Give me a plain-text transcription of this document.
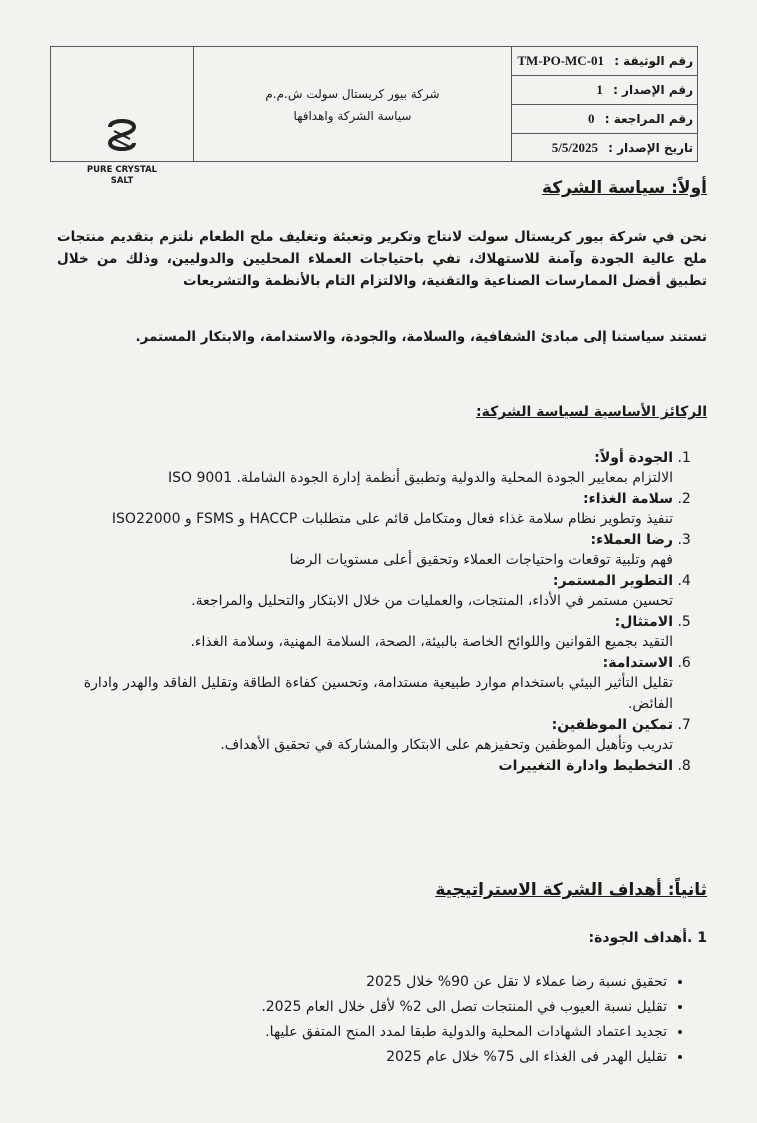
PURE CRYSTAL
SALT
شركة بيور كريستال سولت ش.م.م
سياسة الشركة واهدافها
رقم الوثيقة : TM-PO-MC-01
رقم الإصدار : 1
رقم المراجعة : 0
تاريخ الإصدار : 5/5/2025
أولاً: سياسة الشركة
نحن في شركة بيور كريستال سولت لانتاج وتكرير وتعبئة وتغليف ملح الطعام نلتزم بتقديم منتجات ملح عالية الجودة وآمنة للاستهلاك، تفي باحتياجات العملاء المحليين والدوليين، وذلك من خلال تطبيق أفضل الممارسات الصناعية والتقنية، والالتزام التام بالأنظمة والتشريعات
تستند سياستنا إلى مبادئ الشفافية، والسلامة، والجودة، والاستدامة، والابتكار المستمر.
الركائز الأساسية لسياسة الشركة:
1. الجودة أولاً:
الالتزام بمعايير الجودة المحلية والدولية وتطبيق أنظمة إدارة الجودة الشاملة. ISO 9001
2. سلامة الغذاء:
تنفيذ وتطوير نظام سلامة غذاء فعال ومتكامل قائم على متطلبات HACCP و FSMS و ISO22000
3. رضا العملاء:
فهم وتلبية توقعات واحتياجات العملاء وتحقيق أعلى مستويات الرضا
4. التطوير المستمر:
تحسين مستمر في الأداء، المنتجات، والعمليات من خلال الابتكار والتحليل والمراجعة.
5. الامتثال:
التقيد بجميع القوانين واللوائح الخاصة بالبيئة، الصحة، السلامة المهنية، وسلامة الغذاء.
6. الاستدامة:
تقليل التأثير البيئي باستخدام موارد طبيعية مستدامة، وتحسين كفاءة الطاقة وتقليل الفاقد والهدر وادارة الفائض.
7. تمكين الموظفين:
تدريب وتأهيل الموظفين وتحفيزهم على الابتكار والمشاركة في تحقيق الأهداف.
8. التخطيط وادارة التغييرات
ثانياً: أهداف الشركة الاستراتيجية
1 .أهداف الجودة:
• تحقيق نسبة رضا عملاء لا تقل عن 90% خلال 2025
• تقليل نسبة العيوب في المنتجات تصل الى 2% لأقل خلال العام 2025.
• تجديد اعتماد الشهادات المحلية والدولية طبقا لمدد المنح المتفق عليها.
• تقليل الهدر فى الغذاء الى 75% خلال عام 2025
